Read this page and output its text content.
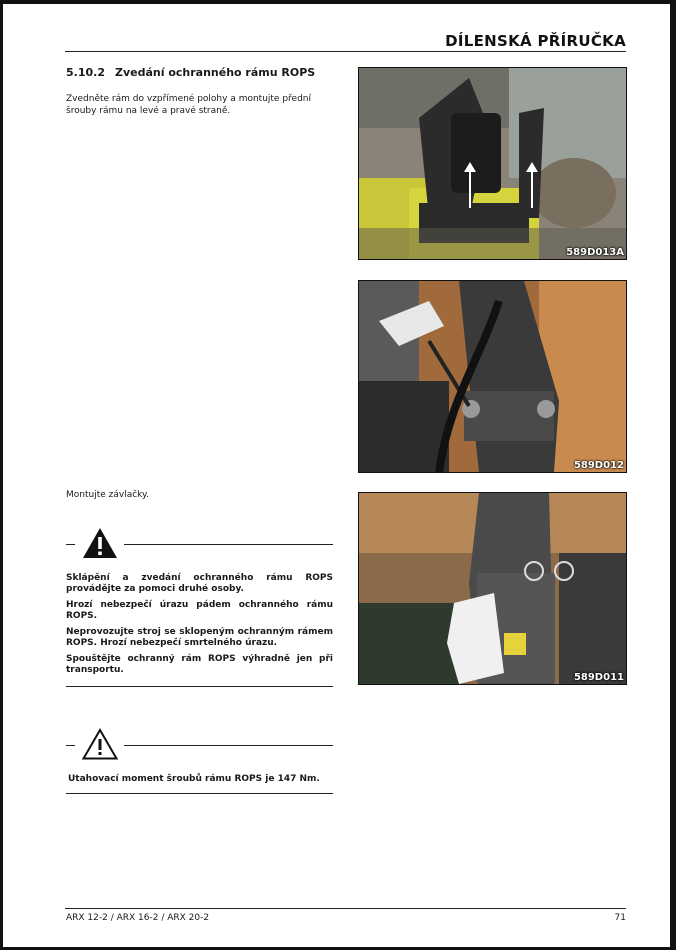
DÍLENSKÁ PŘÍRUČKA
5.10.2 Zvedání ochranného rámu ROPS
Zvedněte rám do vzpřímené polohy a montujte přední šrouby rámu na levé a pravé straně.
Montujte závlačky.
589D013A
589D012
589D011

Sklápění a zvedání ochranného rámu ROPS provádějte za pomoci druhé osoby.

Hrozí nebezpečí úrazu pádem ochranného rámu ROPS.

Neprovozujte stroj se sklopeným ochranným rámem ROPS. Hrozí nebezpečí smrtelného úrazu.

Spouštějte ochranný rám ROPS výhradně jen při transportu.

Utahovací moment šroubů rámu ROPS je 147 Nm.

ARX 12-2 / ARX 16-2 / ARX 20-2	71
